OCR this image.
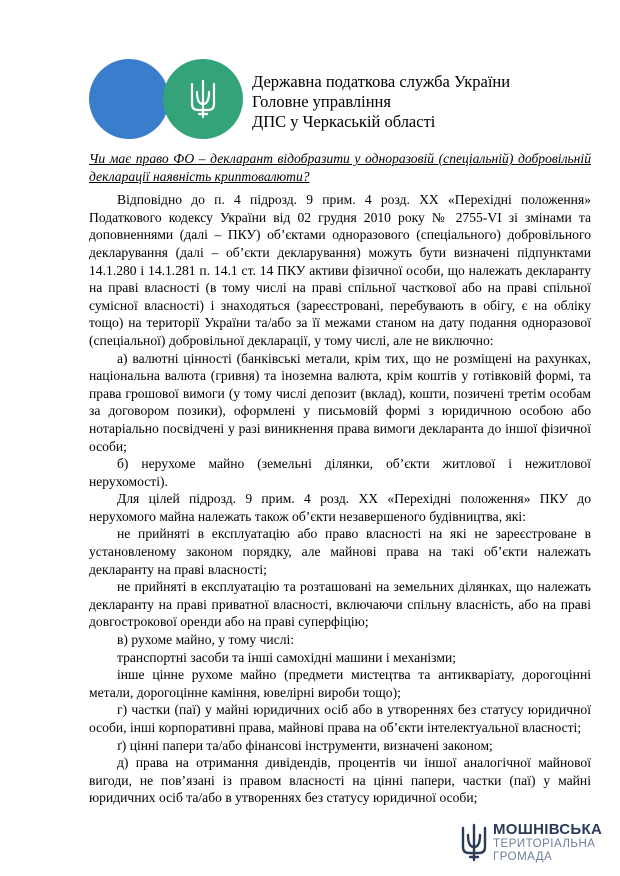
Державна податкова служба України
Головне управління
ДПС у Черкаській області

Чи має право ФО – декларант відобразити у одноразовій (спеціальній) добровільній декларації наявність криптовалюти?

Відповідно до п. 4 підрозд. 9 прим. 4 розд. XX «Перехідні положення» Податкового кодексу України від 02 грудня 2010 року № 2755-VI зі змінами та доповненнями (далі – ПКУ) об’єктами одноразового (спеціального) добровільного декларування (далі – об’єкти декларування) можуть бути визначені підпунктами 14.1.280 і 14.1.281 п. 14.1 ст. 14 ПКУ активи фізичної особи, що належать декларанту на праві власності (в тому числі на праві спільної часткової або на праві спільної сумісної власності) і знаходяться (зареєстровані, перебувають в обігу, є на обліку тощо) на території України та/або за її межами станом на дату подання одноразової (спеціальної) добровільної декларації, у тому числі, але не виключно:

а) валютні цінності (банківські метали, крім тих, що не розміщені на рахунках, національна валюта (гривня) та іноземна валюта, крім коштів у готівковій формі, та права грошової вимоги (у тому числі депозит (вклад), кошти, позичені третім особам за договором позики), оформлені у письмовій формі з юридичною особою або нотаріально посвідчені у разі виникнення права вимоги декларанта до іншої фізичної особи;

б) нерухоме майно (земельні ділянки, об’єкти житлової і нежитлової нерухомості).

Для цілей підрозд. 9 прим. 4 розд. XX «Перехідні положення» ПКУ до нерухомого майна належать також об’єкти незавершеного будівництва, які:

не прийняті в експлуатацію або право власності на які не зареєстроване в установленому законом порядку, але майнові права на такі об’єкти належать декларанту на праві власності;

не прийняті в експлуатацію та розташовані на земельних ділянках, що належать декларанту на праві приватної власності, включаючи спільну власність, або на праві довгострокової оренди або на праві суперфіцію;

в) рухоме майно, у тому числі:

транспортні засоби та інші самохідні машини і механізми;

інше цінне рухоме майно (предмети мистецтва та антикваріату, дорогоцінні метали, дорогоцінне каміння, ювелірні вироби тощо);

г) частки (паї) у майні юридичних осіб або в утвореннях без статусу юридичної особи, інші корпоративні права, майнові права на об’єкти інтелектуальної власності;

ґ) цінні папери та/або фінансові інструменти, визначені законом;

д) права на отримання дивідендів, процентів чи іншої аналогічної майнової вигоди, не пов’язані із правом власності на цінні папери, частки (паї) у майні юридичних осіб та/або в утвореннях без статусу юридичної особи;

МОШНІВСЬКА
ТЕРИТОРІАЛЬНА
ГРОМАДА
